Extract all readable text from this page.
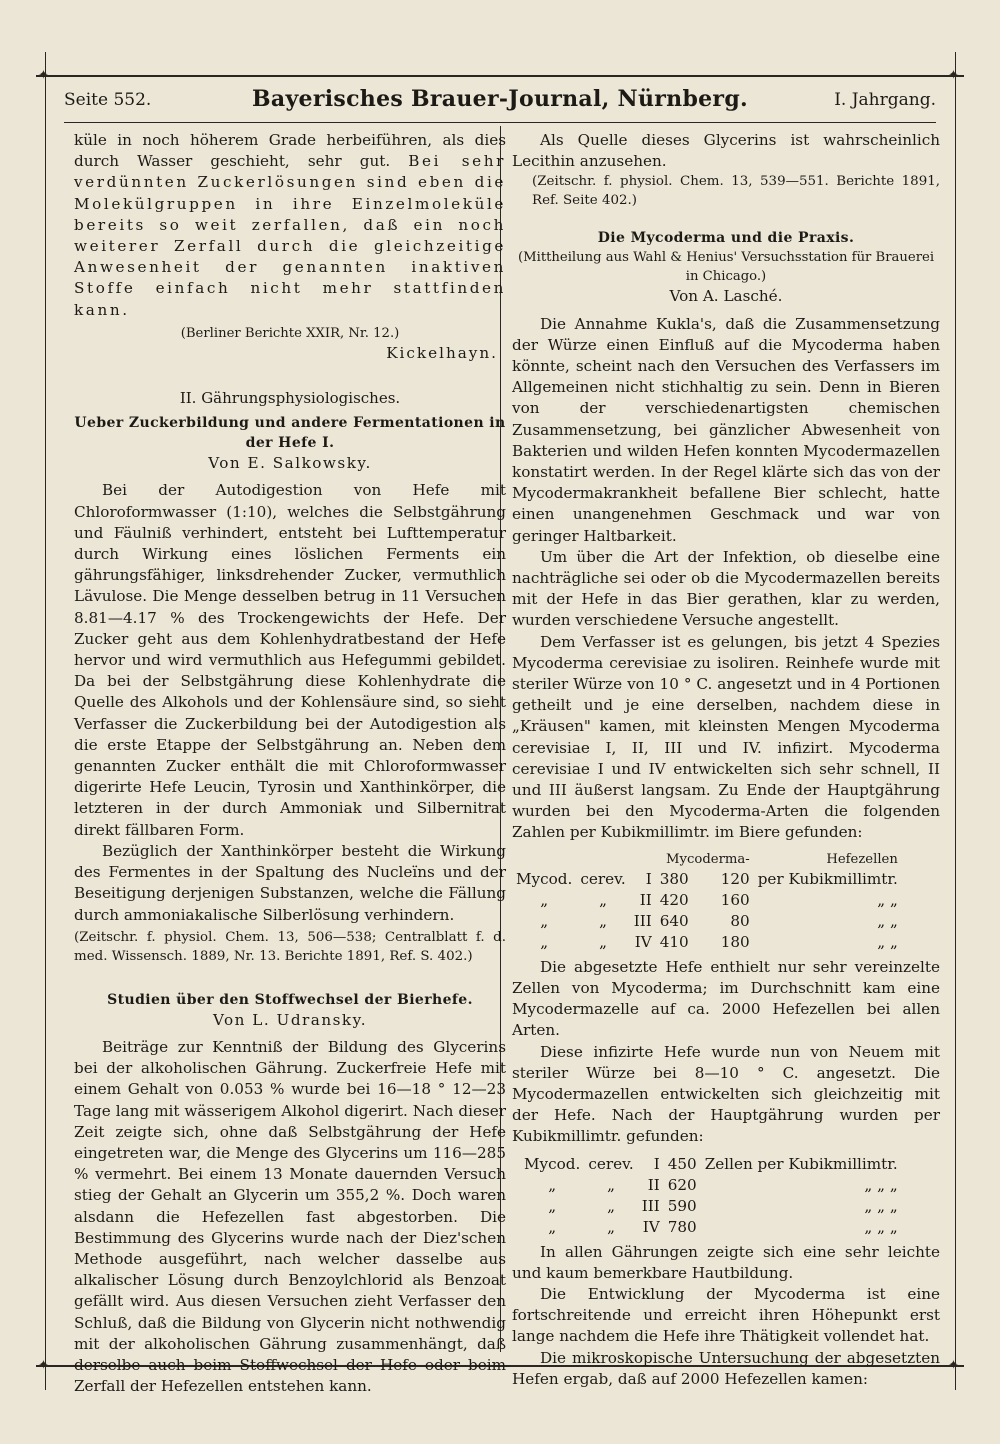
✦	✦
✦	✦
Seite 552.	Bayerisches Brauer-Journal, Nürnberg.	I. Jahrgang.

küle in noch höherem Grade herbeiführen, als dies durch Wasser geschieht, sehr gut. Bei sehr verdünnten Zuckerlösungen sind eben die Molekülgruppen in ihre Einzelmoleküle bereits so weit zerfallen, daß ein noch weiterer Zerfall durch die gleichzeitige Anwesenheit der genannten inaktiven Stoffe einfach nicht mehr stattfinden kann.

(Berliner Berichte XXIR, Nr. 12.)

Kickelhayn.

II. Gährungsphysiologisches.

Ueber Zuckerbildung und andere Fermentationen in der Hefe I.

Von E. Salkowsky.

Bei der Autodigestion von Hefe mit Chloroformwasser (1:10), welches die Selbstgährung und Fäulniß verhindert, entsteht bei Lufttemperatur durch Wirkung eines löslichen Ferments ein gährungsfähiger, linksdrehender Zucker, vermuthlich Lävulose. Die Menge desselben betrug in 11 Versuchen 8.81—4.17 % des Trockengewichts der Hefe. Der Zucker geht aus dem Kohlenhydratbestand der Hefe hervor und wird vermuthlich aus Hefegummi gebildet. Da bei der Selbstgährung diese Kohlenhydrate die Quelle des Alkohols und der Kohlensäure sind, so sieht Verfasser die Zuckerbildung bei der Autodigestion als die erste Etappe der Selbstgährung an. Neben dem genannten Zucker enthält die mit Chloroformwasser digerirte Hefe Leucin, Tyrosin und Xanthinkörper, die letzteren in der durch Ammoniak und Silbernitrat direkt fällbaren Form.

Bezüglich der Xanthinkörper besteht die Wirkung des Fermentes in der Spaltung des Nucleïns und der Beseitigung derjenigen Substanzen, welche die Fällung durch ammoniakalische Silberlösung verhindern.

(Zeitschr. f. physiol. Chem. 13, 506—538; Centralblatt f. d. med. Wissensch. 1889, Nr. 13. Berichte 1891, Ref. S. 402.)

Studien über den Stoffwechsel der Bierhefe.

Von L. Udransky.

Beiträge zur Kenntniß der Bildung des Glycerins bei der alkoholischen Gährung. Zuckerfreie Hefe mit einem Gehalt von 0.053 % wurde bei 16—18 ° 12—23 Tage lang mit wässerigem Alkohol digerirt. Nach dieser Zeit zeigte sich, ohne daß Selbstgährung der Hefe eingetreten war, die Menge des Glycerins um 116—285 % vermehrt. Bei einem 13 Monate dauernden Versuch stieg der Gehalt an Glycerin um 355,2 %. Doch waren alsdann die Hefezellen fast abgestorben. Die Bestimmung des Glycerins wurde nach der Diez'schen Methode ausgeführt, nach welcher dasselbe aus alkalischer Lösung durch Benzoylchlorid als Benzoat gefällt wird. Aus diesen Versuchen zieht Verfasser den Schluß, daß die Bildung von Glycerin nicht nothwendig mit der alkoholischen Gährung zusammenhängt, daß derselbe auch beim Stoffwechsel der Hefe oder beim Zerfall der Hefezellen entstehen kann.

Als Quelle dieses Glycerins ist wahrscheinlich Lecithin anzusehen.

(Zeitschr. f. physiol. Chem. 13, 539—551. Berichte 1891, Ref. Seite 402.)

Die Mycoderma und die Praxis.

(Mittheilung aus Wahl & Henius' Versuchsstation für Brauerei in Chicago.)

Von A. Lasché.

Die Annahme Kukla's, daß die Zusammensetzung der Würze einen Einfluß auf die Mycoderma haben könnte, scheint nach den Versuchen des Verfassers im Allgemeinen nicht stichhaltig zu sein. Denn in Bieren von der verschiedenartigsten chemischen Zusammensetzung, bei gänzlicher Abwesenheit von Bakterien und wilden Hefen konnten Mycodermazellen konstatirt werden. In der Regel klärte sich das von der Mycodermakrankheit befallene Bier schlecht, hatte einen unangenehmen Geschmack und war von geringer Haltbarkeit.

Um über die Art der Infektion, ob dieselbe eine nachträgliche sei oder ob die Mycodermazellen bereits mit der Hefe in das Bier gerathen, klar zu werden, wurden verschiedene Versuche angestellt.

Dem Verfasser ist es gelungen, bis jetzt 4 Spezies Mycoderma cerevisiae zu isoliren. Reinhefe wurde mit steriler Würze von 10 ° C. angesetzt und in 4 Portionen getheilt und je eine derselben, nachdem diese in „Kräusen" kamen, mit kleinsten Mengen Mycoderma cerevisiae I, II, III und IV. infizirt. Mycoderma cerevisiae I und IV entwickelten sich sehr schnell, II und III äußerst langsam. Zu Ende der Hauptgährung wurden bei den Mycoderma-Arten die folgenden Zahlen per Kubikmillimtr. im Biere gefunden:

			Mycoderma-		Hefezellen
Mycod.	cerev.	I	380	120	per Kubikmillimtr.
„	„	II	420	160	„ „
„	„	III	640	80	„ „
„	„	IV	410	180	„ „

Die abgesetzte Hefe enthielt nur sehr vereinzelte Zellen von Mycoderma; im Durchschnitt kam eine Mycodermazelle auf ca. 2000 Hefezellen bei allen Arten.

Diese infizirte Hefe wurde nun von Neuem mit steriler Würze bei 8—10 ° C. angesetzt. Die Mycodermazellen entwickelten sich gleichzeitig mit der Hefe. Nach der Hauptgährung wurden per Kubikmillimtr. gefunden:

Mycod.	cerev.	I	450	Zellen per Kubikmillimtr.
„	„	II	620	„ „ „
„	„	III	590	„ „ „
„	„	IV	780	„ „ „

In allen Gährungen zeigte sich eine sehr leichte und kaum bemerkbare Hautbildung.

Die Entwicklung der Mycoderma ist eine fortschreitende und erreicht ihren Höhepunkt erst lange nachdem die Hefe ihre Thätigkeit vollendet hat.

Die mikroskopische Untersuchung der abgesetzten Hefen ergab, daß auf 2000 Hefezellen kamen:
